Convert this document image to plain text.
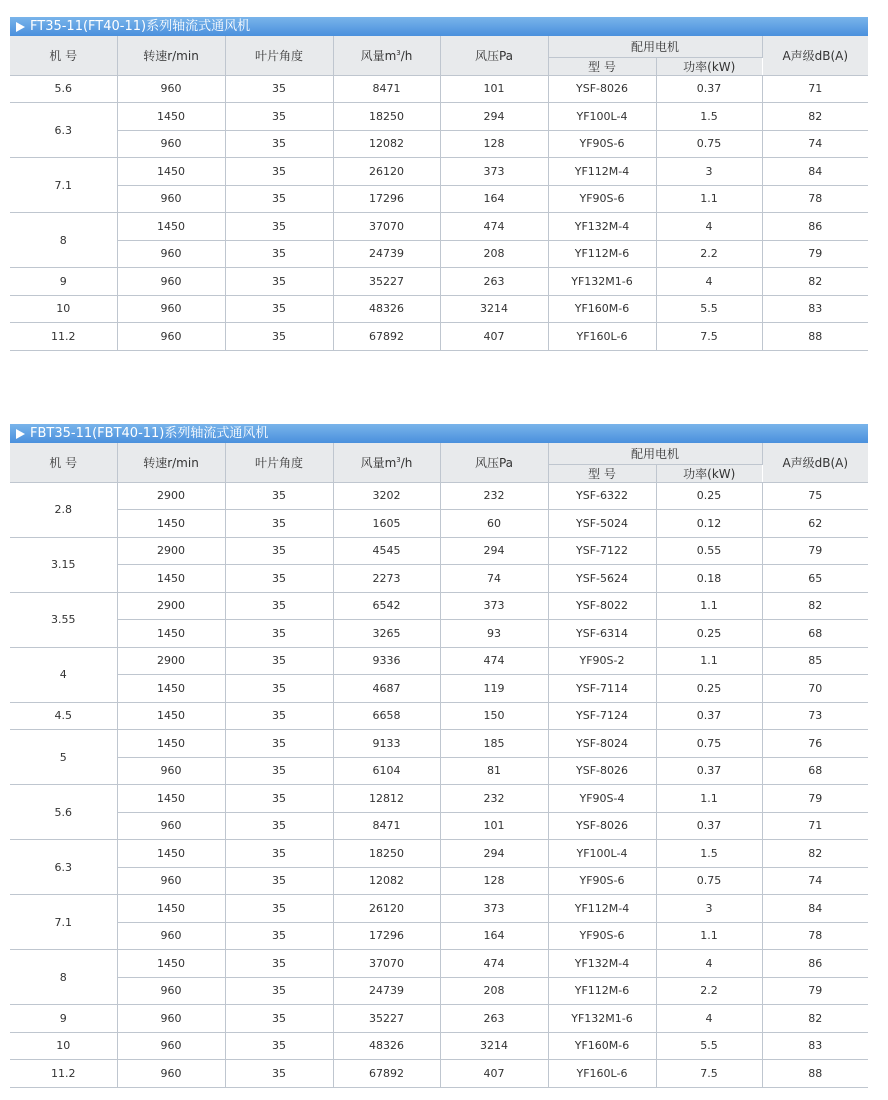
FT35-11(FT40-11)系列轴流式通风机
机 号	转速r/min	叶片角度	风量$m^3/h$	风压Pa	配用电机		A声级dB(A)
					型 号	功率(kW)	
5.6	960	35	8471	101	YSF-8026	0.37	71
6.3	1450	35	18250	294	YF100L-4	1.5	82
	960	35	12082	128	YF90S-6	0.75	74
7.1	1450	35	26120	373	YF112M-4	3	84
	960	35	17296	164	YF90S-6	1.1	78
8	1450	35	37070	474	YF132M-4	4	86
	960	35	24739	208	YF112M-6	2.2	79
9	960	35	35227	263	YF132M1-6	4	82
10	960	35	48326	3214	YF160M-6	5.5	83
11.2	960	35	67892	407	YF160L-6	7.5	88
FBT35-11(FBT40-11)系列轴流式通风机
机 号	转速r/min	叶片角度	风量$m^3/h$	风压Pa	配用电机		A声级dB(A)
					型 号	功率(kW)	
2.8	2900	35	3202	232	YSF-6322	0.25	75
	1450	35	1605	60	YSF-5024	0.12	62
3.15	2900	35	4545	294	YSF-7122	0.55	79
	1450	35	2273	74	YSF-5624	0.18	65
3.55	2900	35	6542	373	YSF-8022	1.1	82
	1450	35	3265	93	YSF-6314	0.25	68
4	2900	35	9336	474	YF90S-2	1.1	85
	1450	35	4687	119	YSF-7114	0.25	70
4.5	1450	35	6658	150	YSF-7124	0.37	73
5	1450	35	9133	185	YSF-8024	0.75	76
	960	35	6104	81	YSF-8026	0.37	68
5.6	1450	35	12812	232	YF90S-4	1.1	79
	960	35	8471	101	YSF-8026	0.37	71
6.3	1450	35	18250	294	YF100L-4	1.5	82
	960	35	12082	128	YF90S-6	0.75	74
7.1	1450	35	26120	373	YF112M-4	3	84
	960	35	17296	164	YF90S-6	1.1	78
8	1450	35	37070	474	YF132M-4	4	86
	960	35	24739	208	YF112M-6	2.2	79
9	960	35	35227	263	YF132M1-6	4	82
10	960	35	48326	3214	YF160M-6	5.5	83
11.2	960	35	67892	407	YF160L-6	7.5	88
